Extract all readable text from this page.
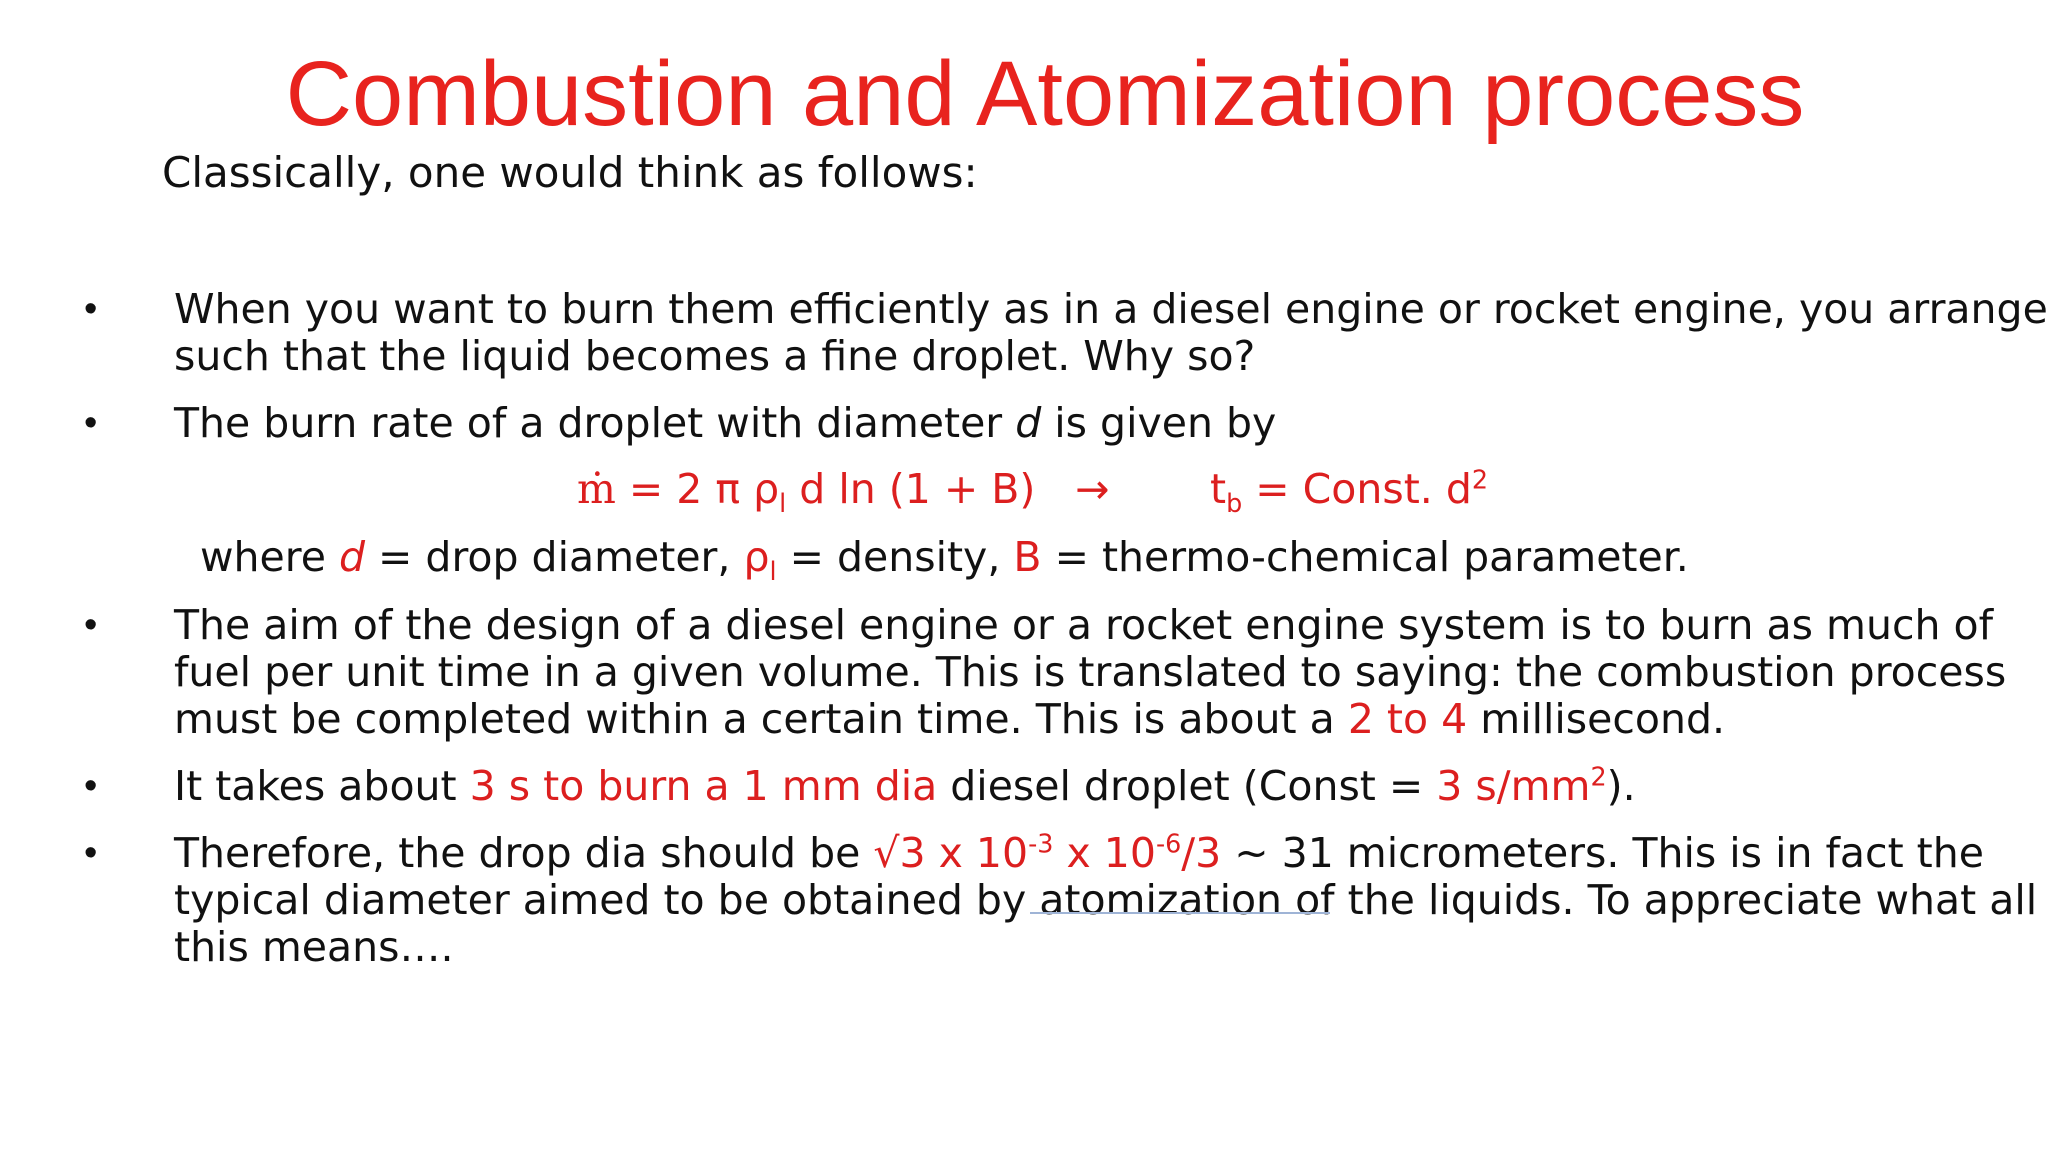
Combustion and Atomization process
Classically, one would think as follows:
• When you want to burn them efficiently as in a diesel engine or rocket engine, you arrange
such that the liquid becomes a fine droplet. Why so?
• The burn rate of a droplet with diameter d is given by
ṁ = 2 π $\rho_l$ d $\ln (1 + B) \to t_b$ = Const. $d^2$
where d = drop diameter, $\rho_l$ = density, B = thermo-chemical parameter.
• The aim of the design of a diesel engine or a rocket engine system is to burn as much of
fuel per unit time in a given volume. This is translated to saying: the combustion process
must be completed within a certain time. This is about a 2 to 4 millisecond.
• It takes about 3 s to burn a 1 mm dia diesel droplet (Const = 3 $s/mm^2$).
• Therefore, the drop dia should be √3 x $10^{-3}$ x $10^{-6}/3$ ~ 31 micrometers. This is in fact the
typical diameter aimed to be obtained by atomization of the liquids. To appreciate what all
this means….
